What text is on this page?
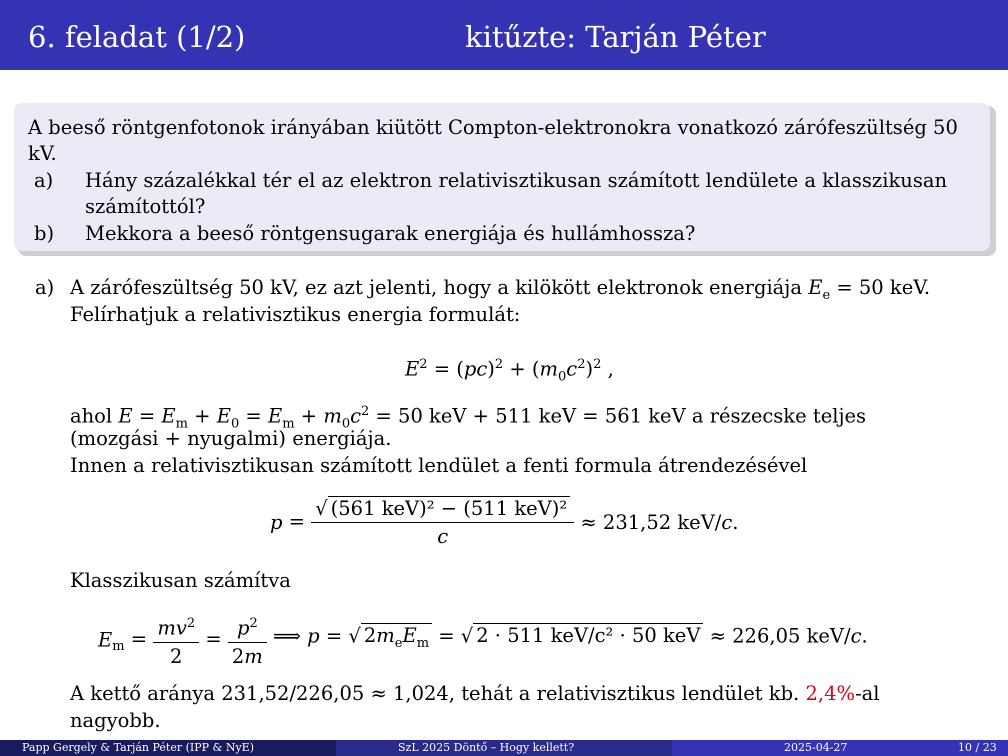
6. feladat (1/2)	kitűzte: Tarján Péter
A beeső röntgenfotonok irányában kiütött Compton-elektronokra vonatkozó zárófeszültség 50 kV.
a) Hány százalékkal tér el az elektron relativisztikusan számított lendülete a klasszikusan számítottól?
b) Mekkora a beeső röntgensugarak energiája és hullámhossza?
a) A zárófeszültség 50 kV, ez azt jelenti, hogy a kilökött elektronok energiája $E_e = 50$ keV.
Felírhatjuk a relativisztikus energia formulát:
$E^2 = (pc)^2 + (m_0c^2)^2$ ,
ahol $E = E_m + E_0 = E_m + m_0c^2 = 50$ keV + 511 keV = 561 keV a részecske teljes
(mozgási + nyugalmi) energiája.
Innen a relativisztikusan számított lendület a fenti formula átrendezésével
$p = \frac{\text{√ (561 keV)² − (511 keV)²}}{c} \approx 231,52$ keV/c.
Klasszikusan számítva
$E_m = \frac{mv^2}{2} = \frac{p^2}{2m}$ ⟹ p = √ $2m_eE_m$ = √ 2 · 511 keV/c² · 50 keV ≈ 226,05 keV/c.
A kettő aránya 231,52/226,05 ≈ 1,024, tehát a relativisztikus lendület kb. 2,4%-al
nagyobb.
Papp Gergely & Tarján Péter (IPP & NyE)	SzL 2025 Döntő – Hogy kellett?	2025-04-27	10 / 23
